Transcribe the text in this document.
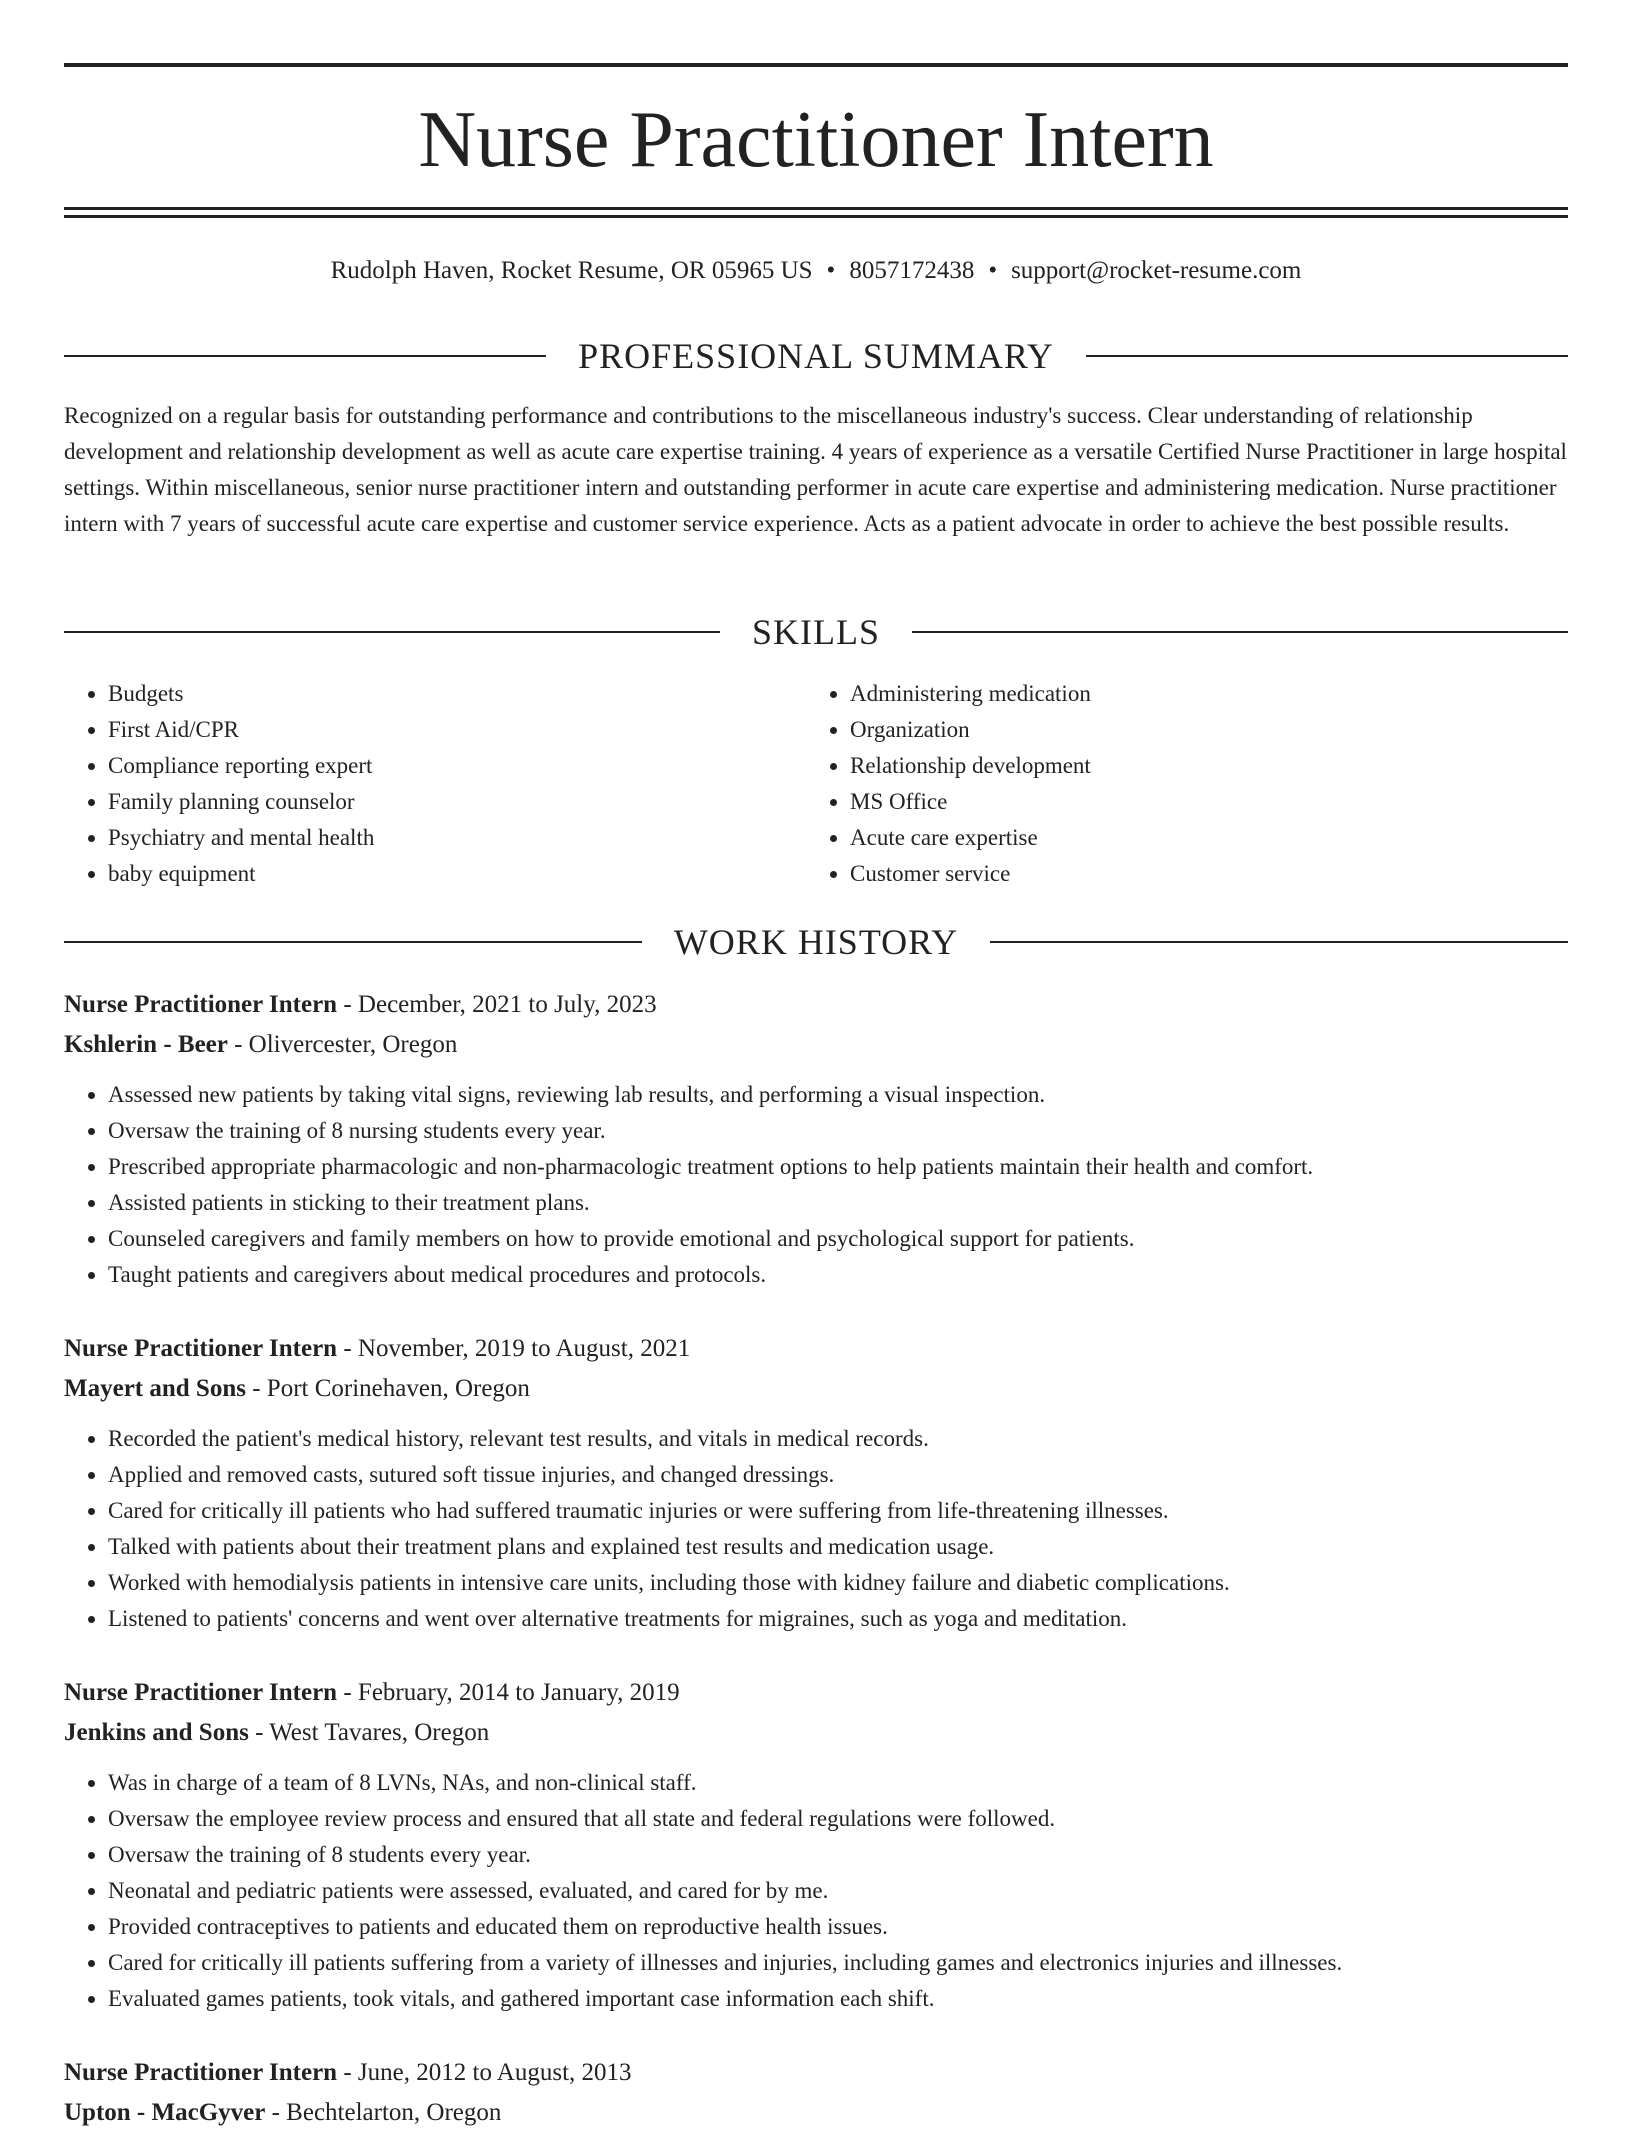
Nurse Practitioner Intern
Rudolph Haven, Rocket Resume, OR 05965 US • 8057172438 • support@rocket-resume.com
PROFESSIONAL SUMMARY

Recognized on a regular basis for outstanding performance and contributions to the miscellaneous industry's success. Clear understanding of relationship development and relationship development as well as acute care expertise training. 4 years of experience as a versatile Certified Nurse Practitioner in large hospital settings. Within miscellaneous, senior nurse practitioner intern and outstanding performer in acute care expertise and administering medication. Nurse practitioner intern with 7 years of successful acute care expertise and customer service experience. Acts as a patient advocate in order to achieve the best possible results.

SKILLS
• Budgets
• First Aid/CPR
• Compliance reporting expert
• Family planning counselor
• Psychiatry and mental health
• baby equipment
• Administering medication
• Organization
• Relationship development
• MS Office
• Acute care expertise
• Customer service
WORK HISTORY
Nurse Practitioner Intern - December, 2021 to July, 2023
Kshlerin - Beer - Olivercester, Oregon
• Assessed new patients by taking vital signs, reviewing lab results, and performing a visual inspection.
• Oversaw the training of 8 nursing students every year.
• Prescribed appropriate pharmacologic and non-pharmacologic treatment options to help patients maintain their health and comfort.
• Assisted patients in sticking to their treatment plans.
• Counseled caregivers and family members on how to provide emotional and psychological support for patients.
• Taught patients and caregivers about medical procedures and protocols.
Nurse Practitioner Intern - November, 2019 to August, 2021
Mayert and Sons - Port Corinehaven, Oregon
• Recorded the patient's medical history, relevant test results, and vitals in medical records.
• Applied and removed casts, sutured soft tissue injuries, and changed dressings.
• Cared for critically ill patients who had suffered traumatic injuries or were suffering from life-threatening illnesses.
• Talked with patients about their treatment plans and explained test results and medication usage.
• Worked with hemodialysis patients in intensive care units, including those with kidney failure and diabetic complications.
• Listened to patients' concerns and went over alternative treatments for migraines, such as yoga and meditation.
Nurse Practitioner Intern - February, 2014 to January, 2019
Jenkins and Sons - West Tavares, Oregon
• Was in charge of a team of 8 LVNs, NAs, and non-clinical staff.
• Oversaw the employee review process and ensured that all state and federal regulations were followed.
• Oversaw the training of 8 students every year.
• Neonatal and pediatric patients were assessed, evaluated, and cared for by me.
• Provided contraceptives to patients and educated them on reproductive health issues.
• Cared for critically ill patients suffering from a variety of illnesses and injuries, including games and electronics injuries and illnesses.
• Evaluated games patients, took vitals, and gathered important case information each shift.
Nurse Practitioner Intern - June, 2012 to August, 2013
Upton - MacGyver - Bechtelarton, Oregon
